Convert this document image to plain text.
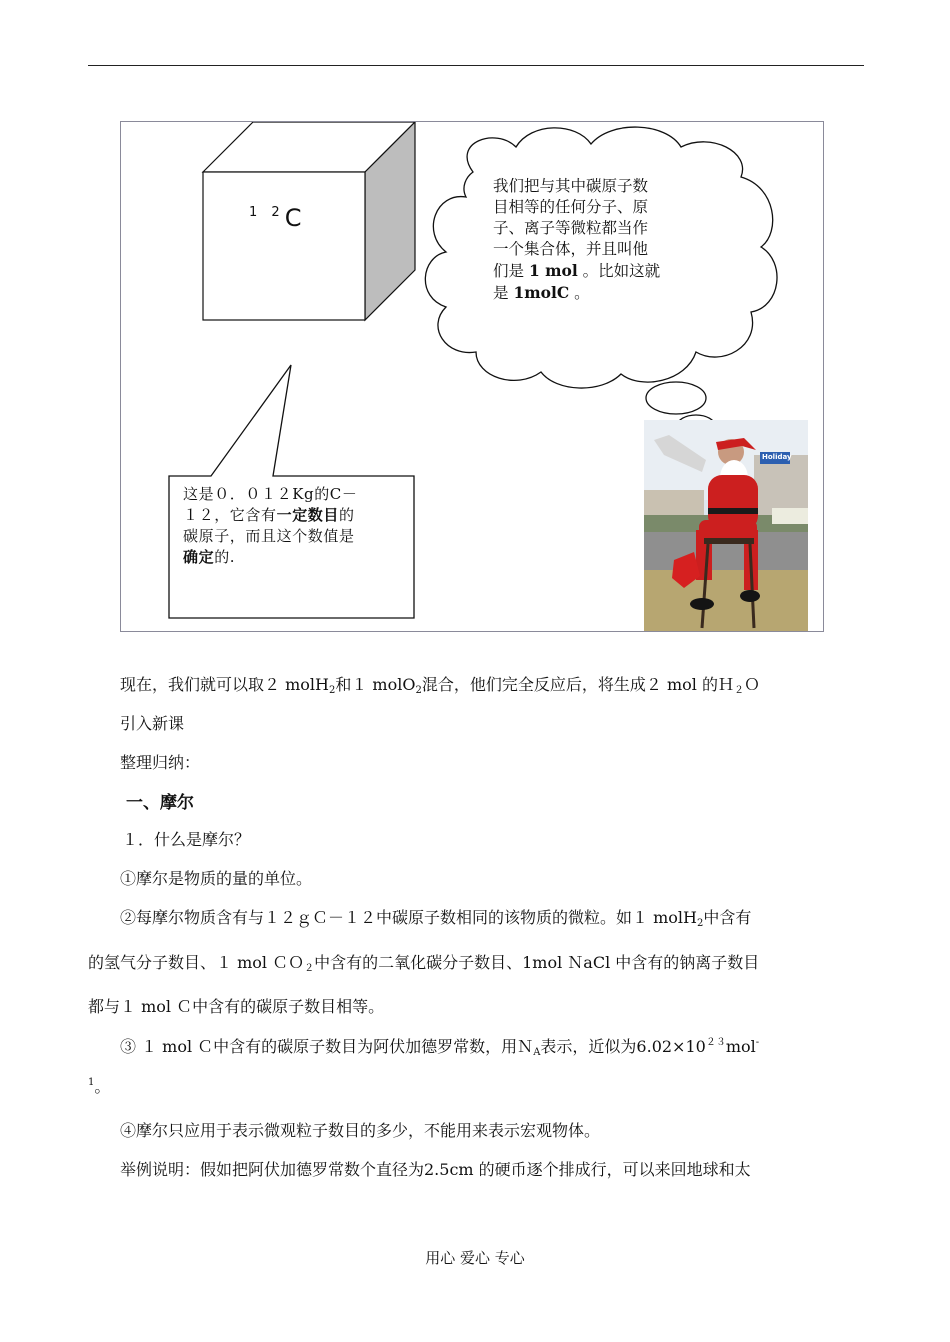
Holiday
$^{1 2}$C
我们把与其中碳原子数
目相等的任何分子、原
子、离子等微粒都当作
一个集合体，并且叫他
们是 1 mol 。比如这就
是 1molC 。
这是０．０１２Kg的C－
１２，它含有一定数目的
碳原子，而且这个数值是
确定的.
现在，我们就可以取２ molH$_2$和１ molO$_2$混合，他们完全反应后，将生成２ mol 的Ｈ$_2$Ｏ
引入新课
整理归纳：
一、摩尔
１．什么是摩尔？
①摩尔是物质的量的单位。
②每摩尔物质含有与１２ｇＣ－１２中碳原子数相同的该物质的微粒。如１ molH$_2$中含有
的氢气分子数目、１ mol ＣＯ$_2$中含有的二氧化碳分子数目、1mol ＮaCl 中含有的钠离子数目
都与１ mol Ｃ中含有的碳原子数目相等。
③ １ mol Ｃ中含有的碳原子数目为阿伏加德罗常数，用Ｎ$_A$表示，近似为$6.02\times 10^{23}mol^-$
$^1$。
④摩尔只应用于表示微观粒子数目的多少，不能用来表示宏观物体。
举例说明：假如把阿伏加德罗常数个直径为2.5cm 的硬币逐个排成行，可以来回地球和太
用心 爱心 专心
